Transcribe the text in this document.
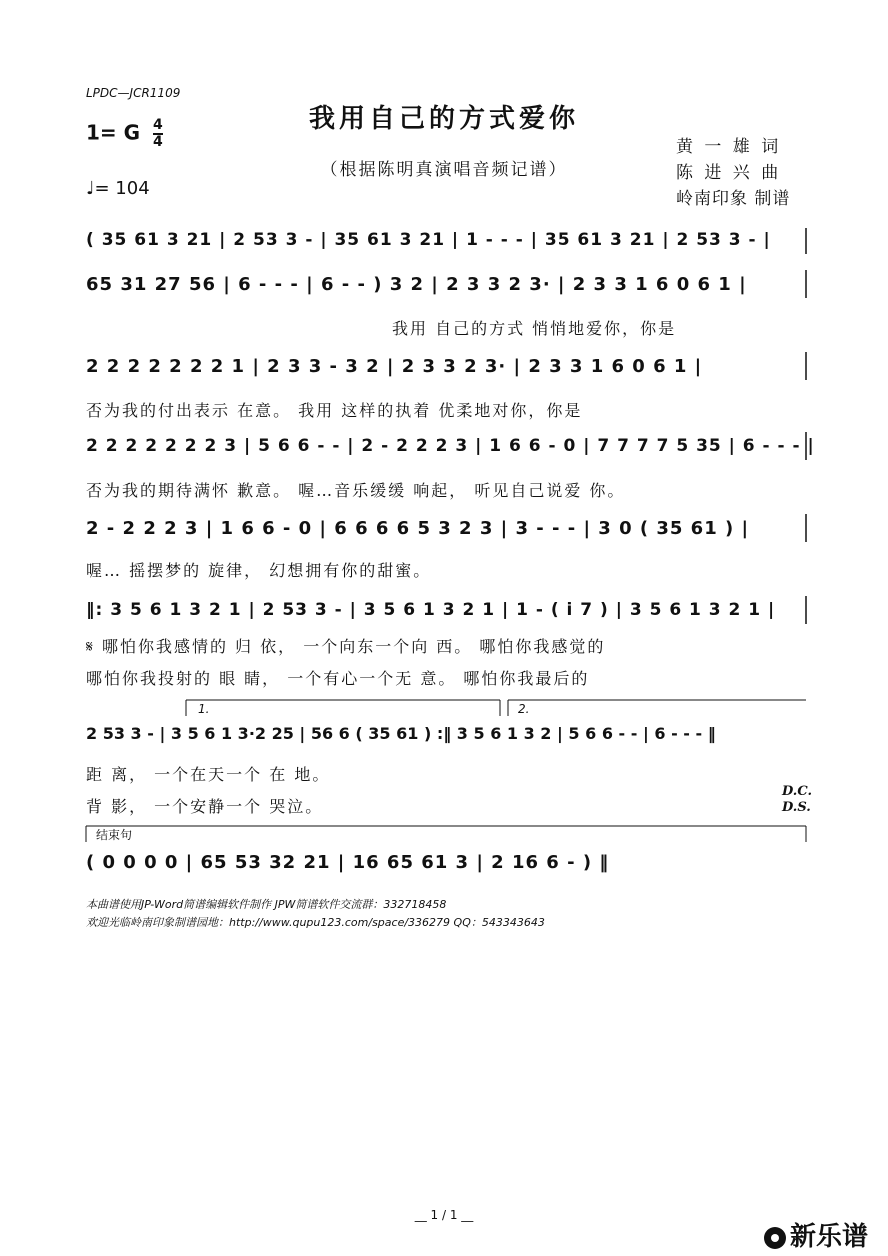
LPDC—JCR1109
我用自己的方式爱你
（根据陈明真演唱音频记谱）
1= G $\frac{4}{4}$
♩= 104
黄 一 雄 词
陈 进 兴 曲
岭南印象 制谱
( 35 61 3 21 | 2 53 3 - | 35 61 3 21 | 1 - - - | 35 61 3 21 | 2 53 3 - |
65 31 27 56 | 6 - - - | 6 - - ) 3 2 | 2 3 3 2 3· | 2 3 3 1 6 0 6 1 |
我用 自己的方式 悄悄地爱你，你是
2 2 2 2 2 2 2 1 | 2 3 3 - 3 2 | 2 3 3 2 3· | 2 3 3 1 6 0 6 1 |
否为我的付出表示 在意。 我用 这样的执着 优柔地对你，你是
2 2 2 2 2 2 2 3 | 5 6 6 - - | 2 - 2 2 2 3 | 1 6 6 - 0 | 7 7 7 7 5 35 | 6 - - - |
否为我的期待满怀 歉意。 喔…音乐缓缓 响起， 听见自己说爱 你。
2 - 2 2 2 3 | 1 6 6 - 0 | 6 6 6 6 5 3 2 3 | 3 - - - | 3 0 ( 35 61 ) |
喔… 摇摆梦的 旋律， 幻想拥有你的甜蜜。
‖: 3 5 6 1 3 2 1 | 2 53 3 - | 3 5 6 1 3 2 1 | 1 - ( i 7 ) | 3 5 6 1 3 2 1 |
𝄋 哪怕你我感情的 归 依， 一个向东一个向 西。 哪怕你我感觉的
哪怕你我投射的 眼 睛， 一个有心一个无 意。 哪怕你我最后的
1.	2.
2 53 3 - | 3 5 6 1 3·2 25 | 56 6 ( 35 61 ) :‖ 3 5 6 1 3 2 | 5 6 6 - - | 6 - - - ‖
距 离， 一个在天一个 在 地。
背 影， 一个安静一个 哭泣。
D.C.
D.S.
结束句
( 0 0 0 0 | 65 53 32 21 | 16 65 61 3 | 2 16 6 - ) ‖
本曲谱使用JP-Word简谱编辑软件制作 JPW简谱软件交流群：332718458
欢迎光临岭南印象制谱园地：http://www.qupu123.com/space/336279 QQ：543343643
__ 1 / 1 __
新乐谱
